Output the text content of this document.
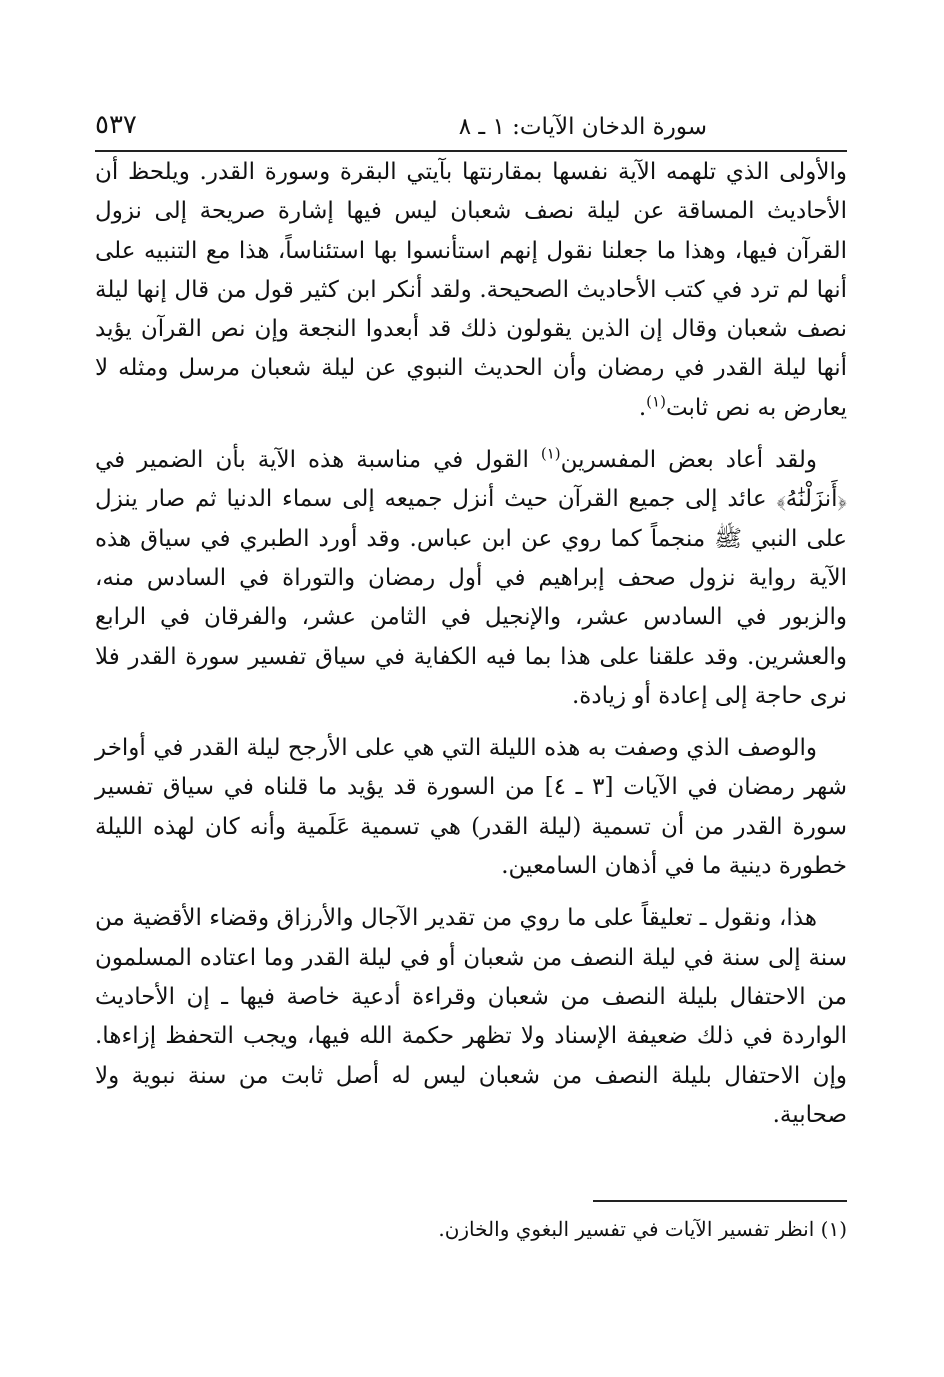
سورة الدخان الآيات: ١ ـ ٨
٥٣٧

والأولى الذي تلهمه الآية نفسها بمقارنتها بآيتي البقرة وسورة القدر. ويلحظ أن الأحاديث المساقة عن ليلة نصف شعبان ليس فيها إشارة صريحة إلى نزول القرآن فيها، وهذا ما جعلنا نقول إنهم استأنسوا بها استئناساً، هذا مع التنبيه على أنها لم ترد في كتب الأحاديث الصحيحة. ولقد أنكر ابن كثير قول من قال إنها ليلة نصف شعبان وقال إن الذين يقولون ذلك قد أبعدوا النجعة وإن نص القرآن يؤيد أنها ليلة القدر في رمضان وأن الحديث النبوي عن ليلة شعبان مرسل ومثله لا يعارض به نص ثابت$^{(١)}$.

ولقد أعاد بعض المفسرين$^{(١)}$ القول في مناسبة هذه الآية بأن الضمير في ﴿أَنزَلْنَٰهُ﴾ عائد إلى جميع القرآن حيث أنزل جميعه إلى سماء الدنيا ثم صار ينزل على النبي ﷺ منجماً كما روي عن ابن عباس. وقد أورد الطبري في سياق هذه الآية رواية نزول صحف إبراهيم في أول رمضان والتوراة في السادس منه، والزبور في السادس عشر، والإنجيل في الثامن عشر، والفرقان في الرابع والعشرين. وقد علقنا على هذا بما فيه الكفاية في سياق تفسير سورة القدر فلا نرى حاجة إلى إعادة أو زيادة.

والوصف الذي وصفت به هذه الليلة التي هي على الأرجح ليلة القدر في أواخر شهر رمضان في الآيات [٣ ـ ٤] من السورة قد يؤيد ما قلناه في سياق تفسير سورة القدر من أن تسمية (ليلة القدر) هي تسمية عَلَمية وأنه كان لهذه الليلة خطورة دينية ما في أذهان السامعين.

هذا، ونقول ـ تعليقاً على ما روي من تقدير الآجال والأرزاق وقضاء الأقضية من سنة إلى سنة في ليلة النصف من شعبان أو في ليلة القدر وما اعتاده المسلمون من الاحتفال بليلة النصف من شعبان وقراءة أدعية خاصة فيها ـ إن الأحاديث الواردة في ذلك ضعيفة الإسناد ولا تظهر حكمة الله فيها، ويجب التحفظ إزاءها. وإن الاحتفال بليلة النصف من شعبان ليس له أصل ثابت من سنة نبوية ولا صحابية.

(١) انظر تفسير الآيات في تفسير البغوي والخازن.
